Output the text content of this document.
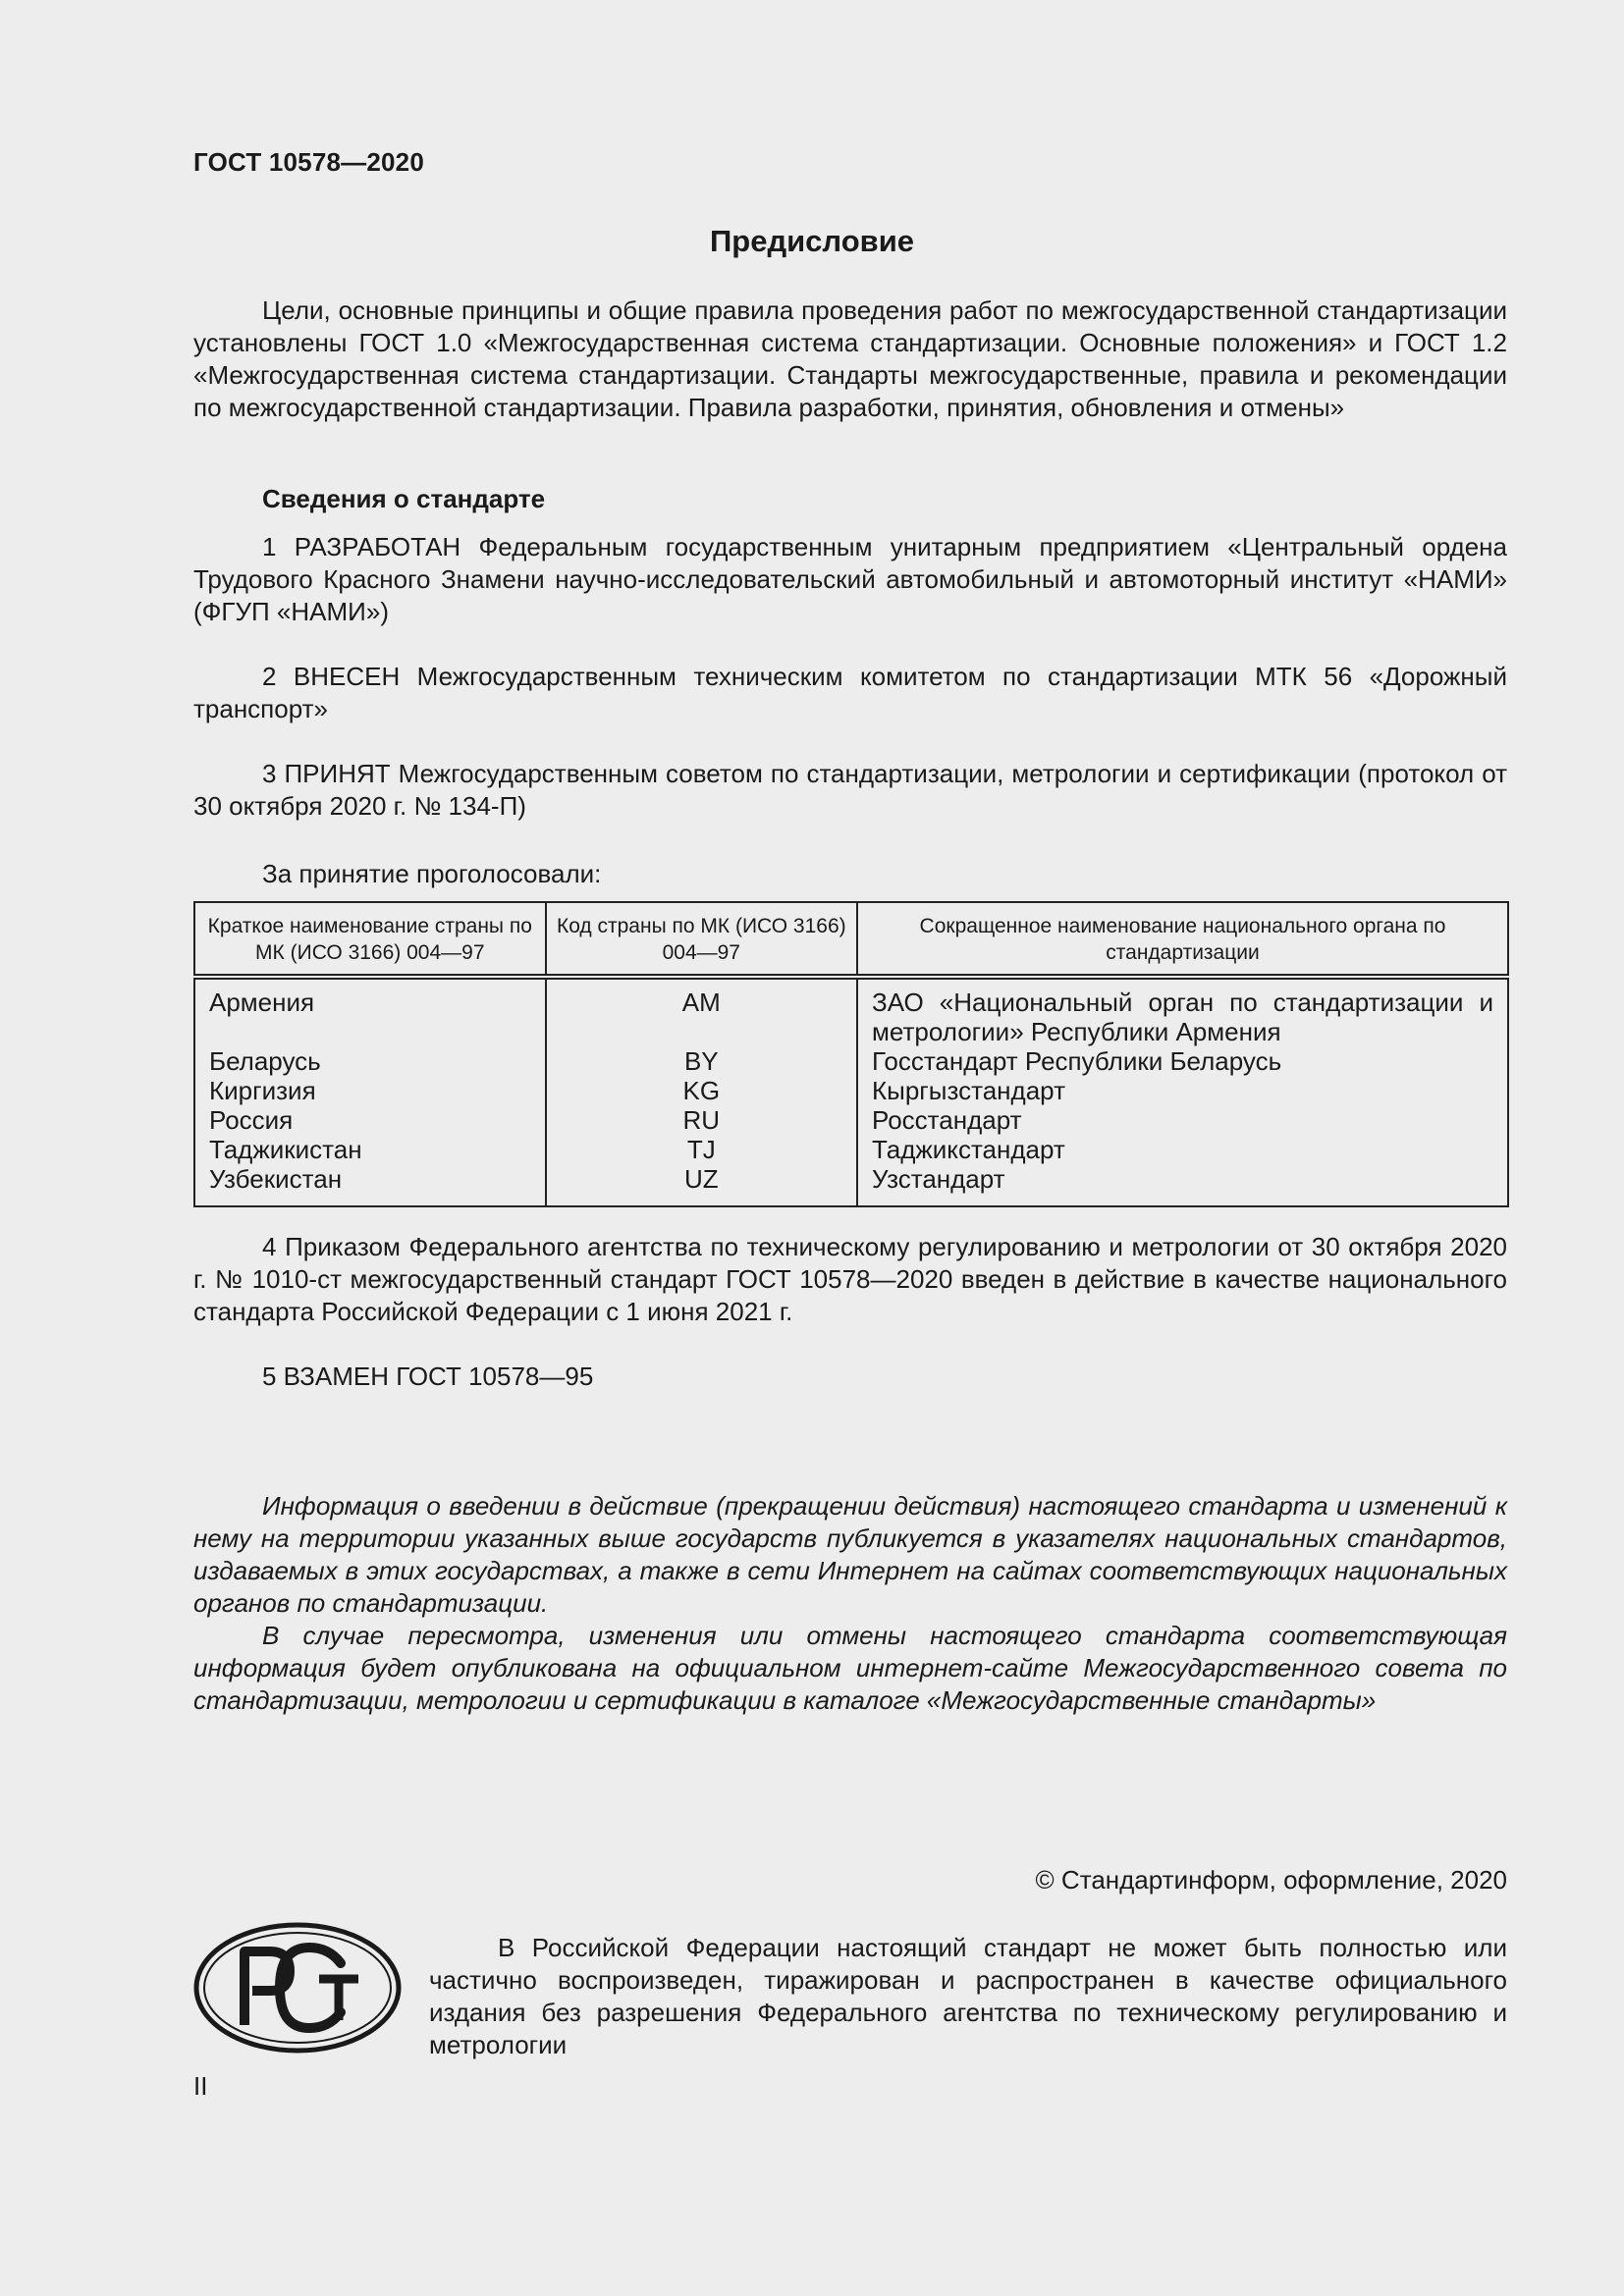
ГОСТ 10578—2020
Предисловие

Цели, основные принципы и общие правила проведения работ по межгосударственной стандартизации установлены ГОСТ 1.0 «Межгосударственная система стандартизации. Основные положения» и ГОСТ 1.2 «Межгосударственная система стандартизации. Стандарты межгосударственные, правила и рекомендации по межгосударственной стандартизации. Правила разработки, принятия, обновления и отмены»

Сведения о стандарте

1 РАЗРАБОТАН Федеральным государственным унитарным предприятием «Центральный ордена Трудового Красного Знамени научно-исследовательский автомобильный и автомоторный институт «НАМИ» (ФГУП «НАМИ»)

2 ВНЕСЕН Межгосударственным техническим комитетом по стандартизации МТК 56 «Дорожный транспорт»

3 ПРИНЯТ Межгосударственным советом по стандартизации, метрологии и сертификации (протокол от 30 октября 2020 г. № 134-П)

За принятие проголосовали:

Краткое наименование страны по МК (ИСО 3166) 004—97	Код страны по МК (ИСО 3166) 004—97	Сокращенное наименование национального органа по стандартизации
Армения	AM	ЗАО «Национальный орган по стандартизации и метрологии» Республики Армения
Беларусь	BY	Госстандарт Республики Беларусь
Киргизия	KG	Кыргызстандарт
Россия	RU	Росстандарт
Таджикистан	TJ	Таджикстандарт
Узбекистан	UZ	Узстандарт

4 Приказом Федерального агентства по техническому регулированию и метрологии от 30 октября 2020 г. № 1010-ст межгосударственный стандарт ГОСТ 10578—2020 введен в действие в качестве национального стандарта Российской Федерации с 1 июня 2021 г.

5 ВЗАМЕН ГОСТ 10578—95

Информация о введении в действие (прекращении действия) настоящего стандарта и изменений к нему на территории указанных выше государств публикуется в указателях национальных стандартов, издаваемых в этих государствах, а также в сети Интернет на сайтах соответствующих национальных органов по стандартизации.

В случае пересмотра, изменения или отмены настоящего стандарта соответствующая информация будет опубликована на официальном интернет-сайте Межгосударственного совета по стандартизации, метрологии и сертификации в каталоге «Межгосударственные стандарты»

© Стандартинформ, оформление, 2020

В Российской Федерации настоящий стандарт не может быть полностью или частично воспроизведен, тиражирован и распространен в качестве официального издания без разрешения Федерального агентства по техническому регулированию и метрологии

II
